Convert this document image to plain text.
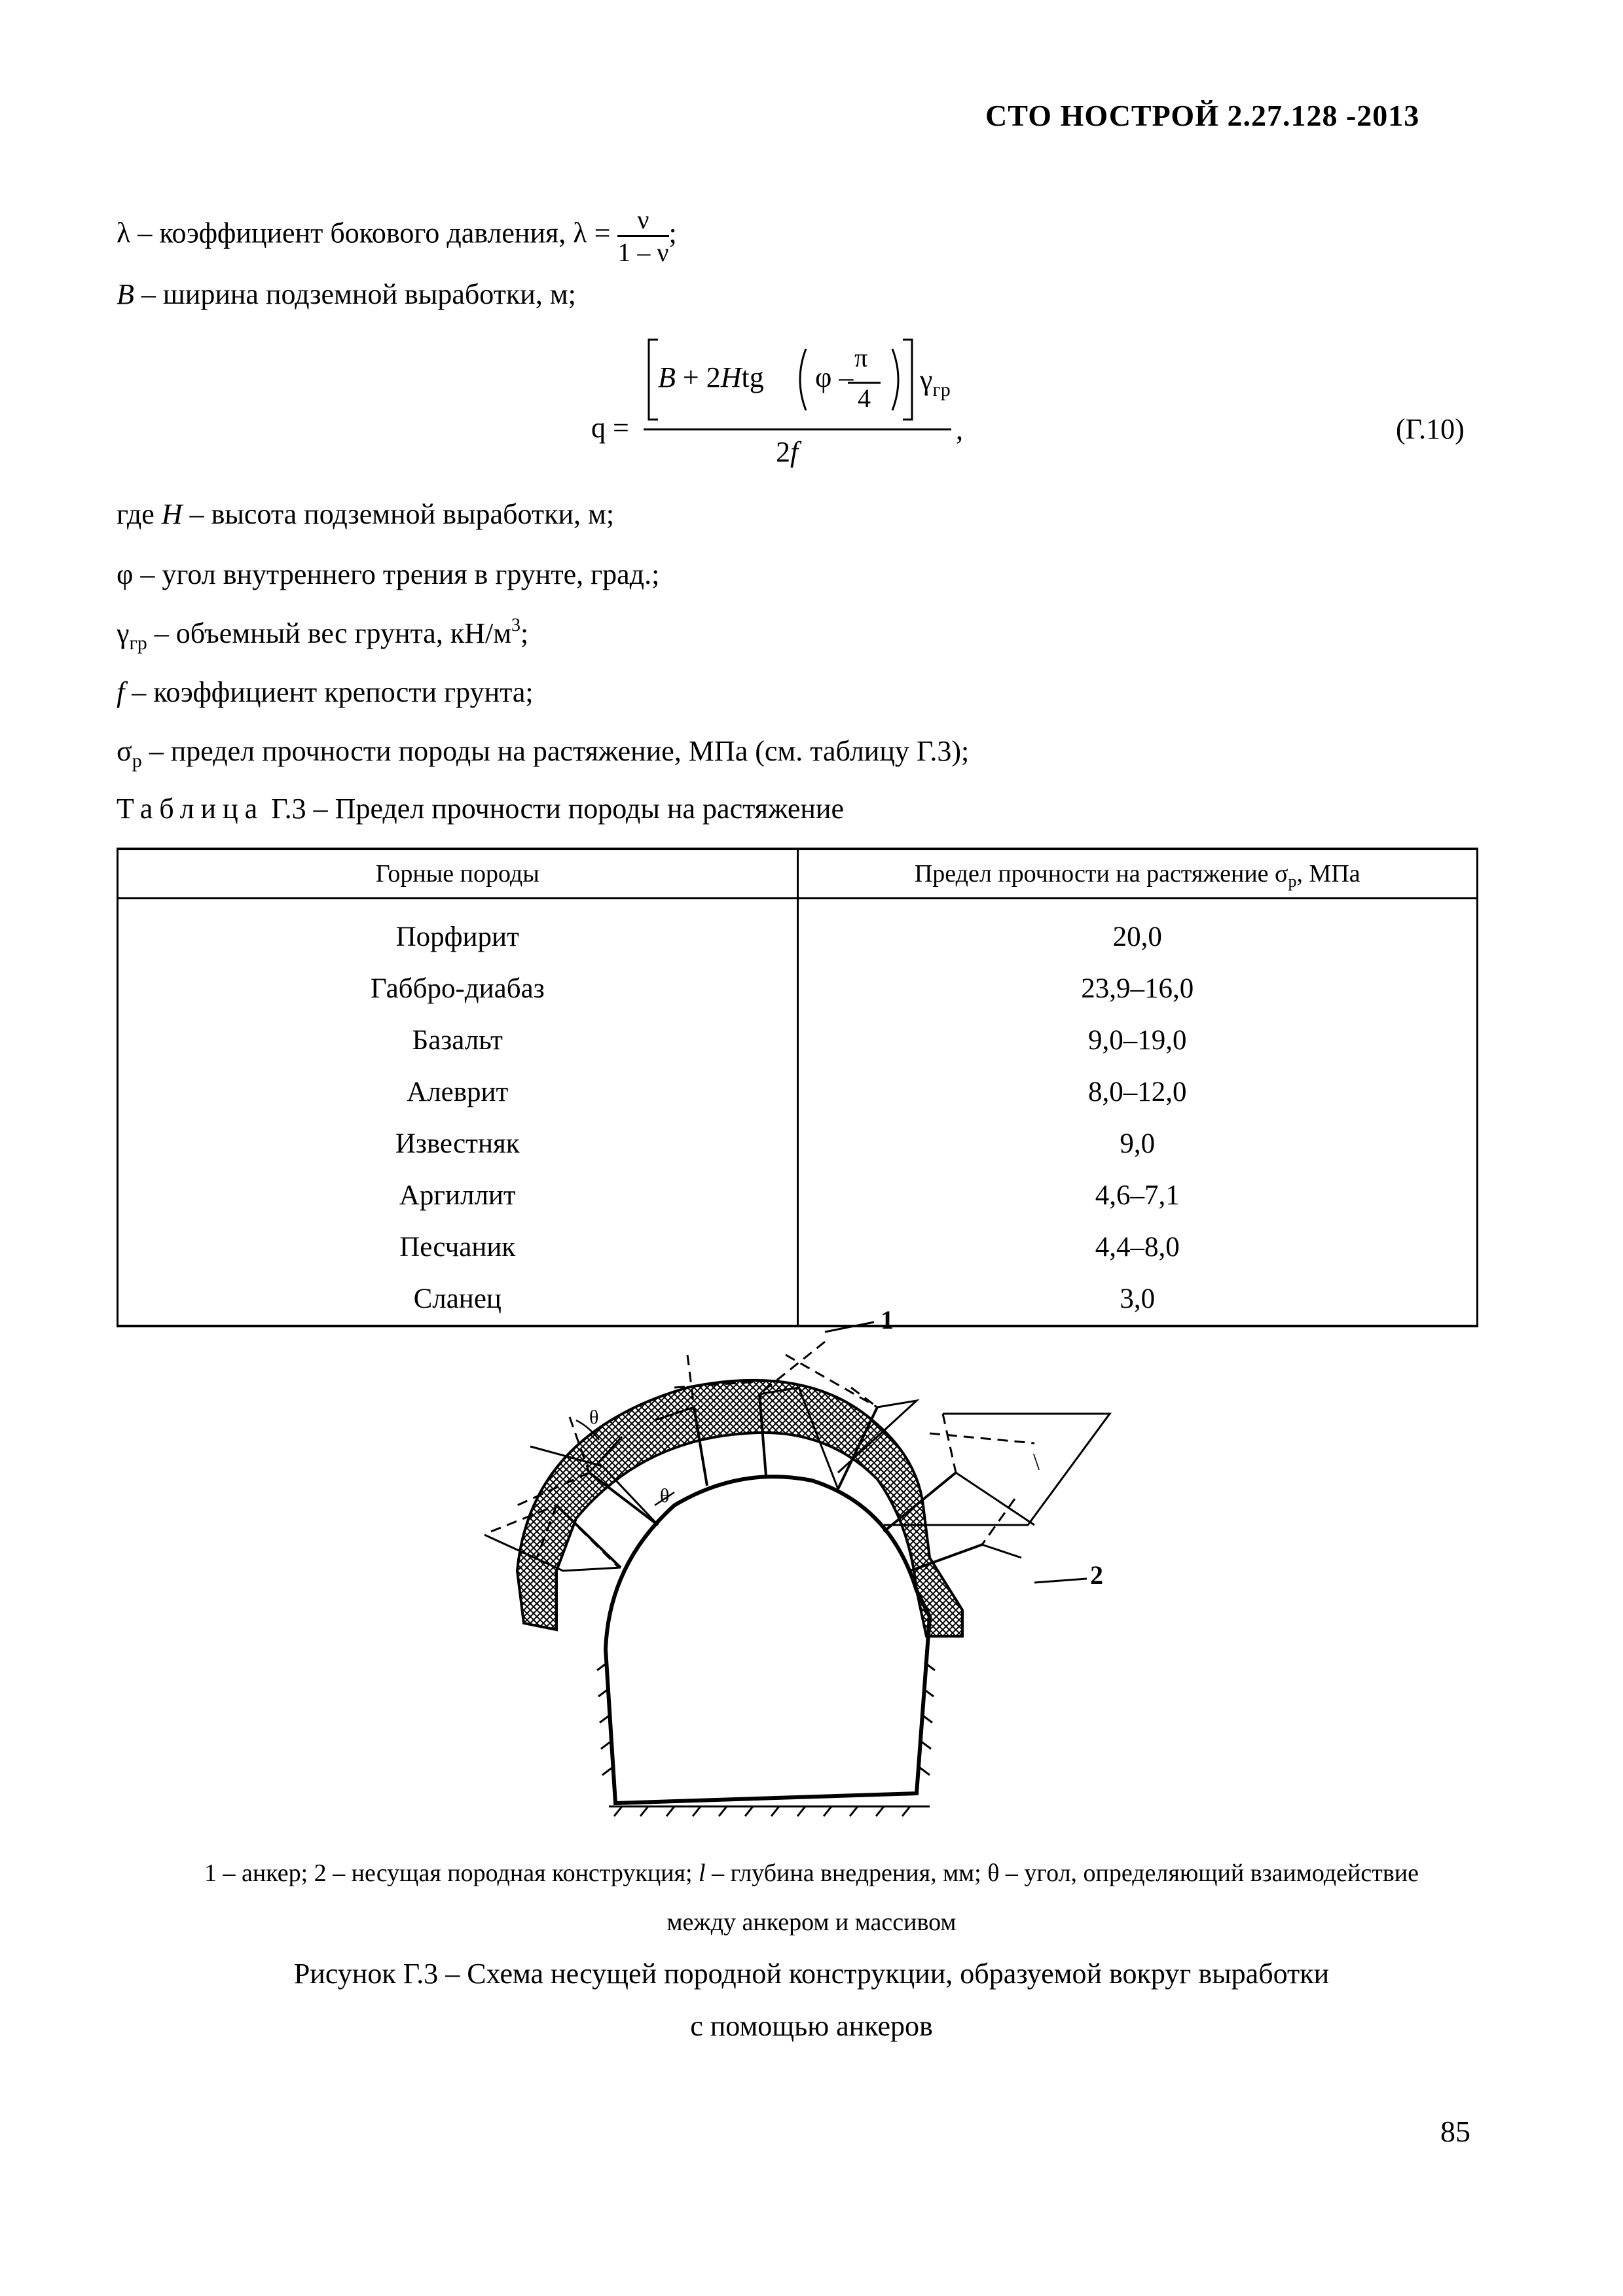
СТО НОСТРОЙ 2.27.128 -2013
λ – коэффициент бокового давления, $\lambda = \frac{\nu}{1 - \nu}$ ;
B – ширина подземной выработки, м;
q =
B + 2Htg φ –
π
4
$\gamma_{гр}$
2f
,	(Г.10)
где H – высота подземной выработки, м;
φ – угол внутреннего трения в грунте, град.;
$\gamma_{гр}$ – объемный вес грунта, $кН/м^3$;
f – коэффициент крепости грунта;
$\sigma_р$ – предел прочности породы на растяжение, МПа (см. таблицу Г.3);
Таблица Г.3 – Предел прочности породы на растяжение
Горные породы	Предел прочности на растяжение $\sigma_р$, МПа

Порфирит	20,0
Габбро-диабаз	23,9–16,0
Базальт	9,0–19,0
Алеврит	8,0–12,0
Известняк	9,0
Аргиллит	4,6–7,1
Песчаник	4,4–8,0
Сланец	3,0
θ
θ
1
2
\
1 – анкер; 2 – несущая породная конструкция; l – глубина внедрения, мм; θ – угол, определяющий взаимодействие
между анкером и массивом
Рисунок Г.3 – Схема несущей породной конструкции, образуемой вокруг выработки
с помощью анкеров
85
